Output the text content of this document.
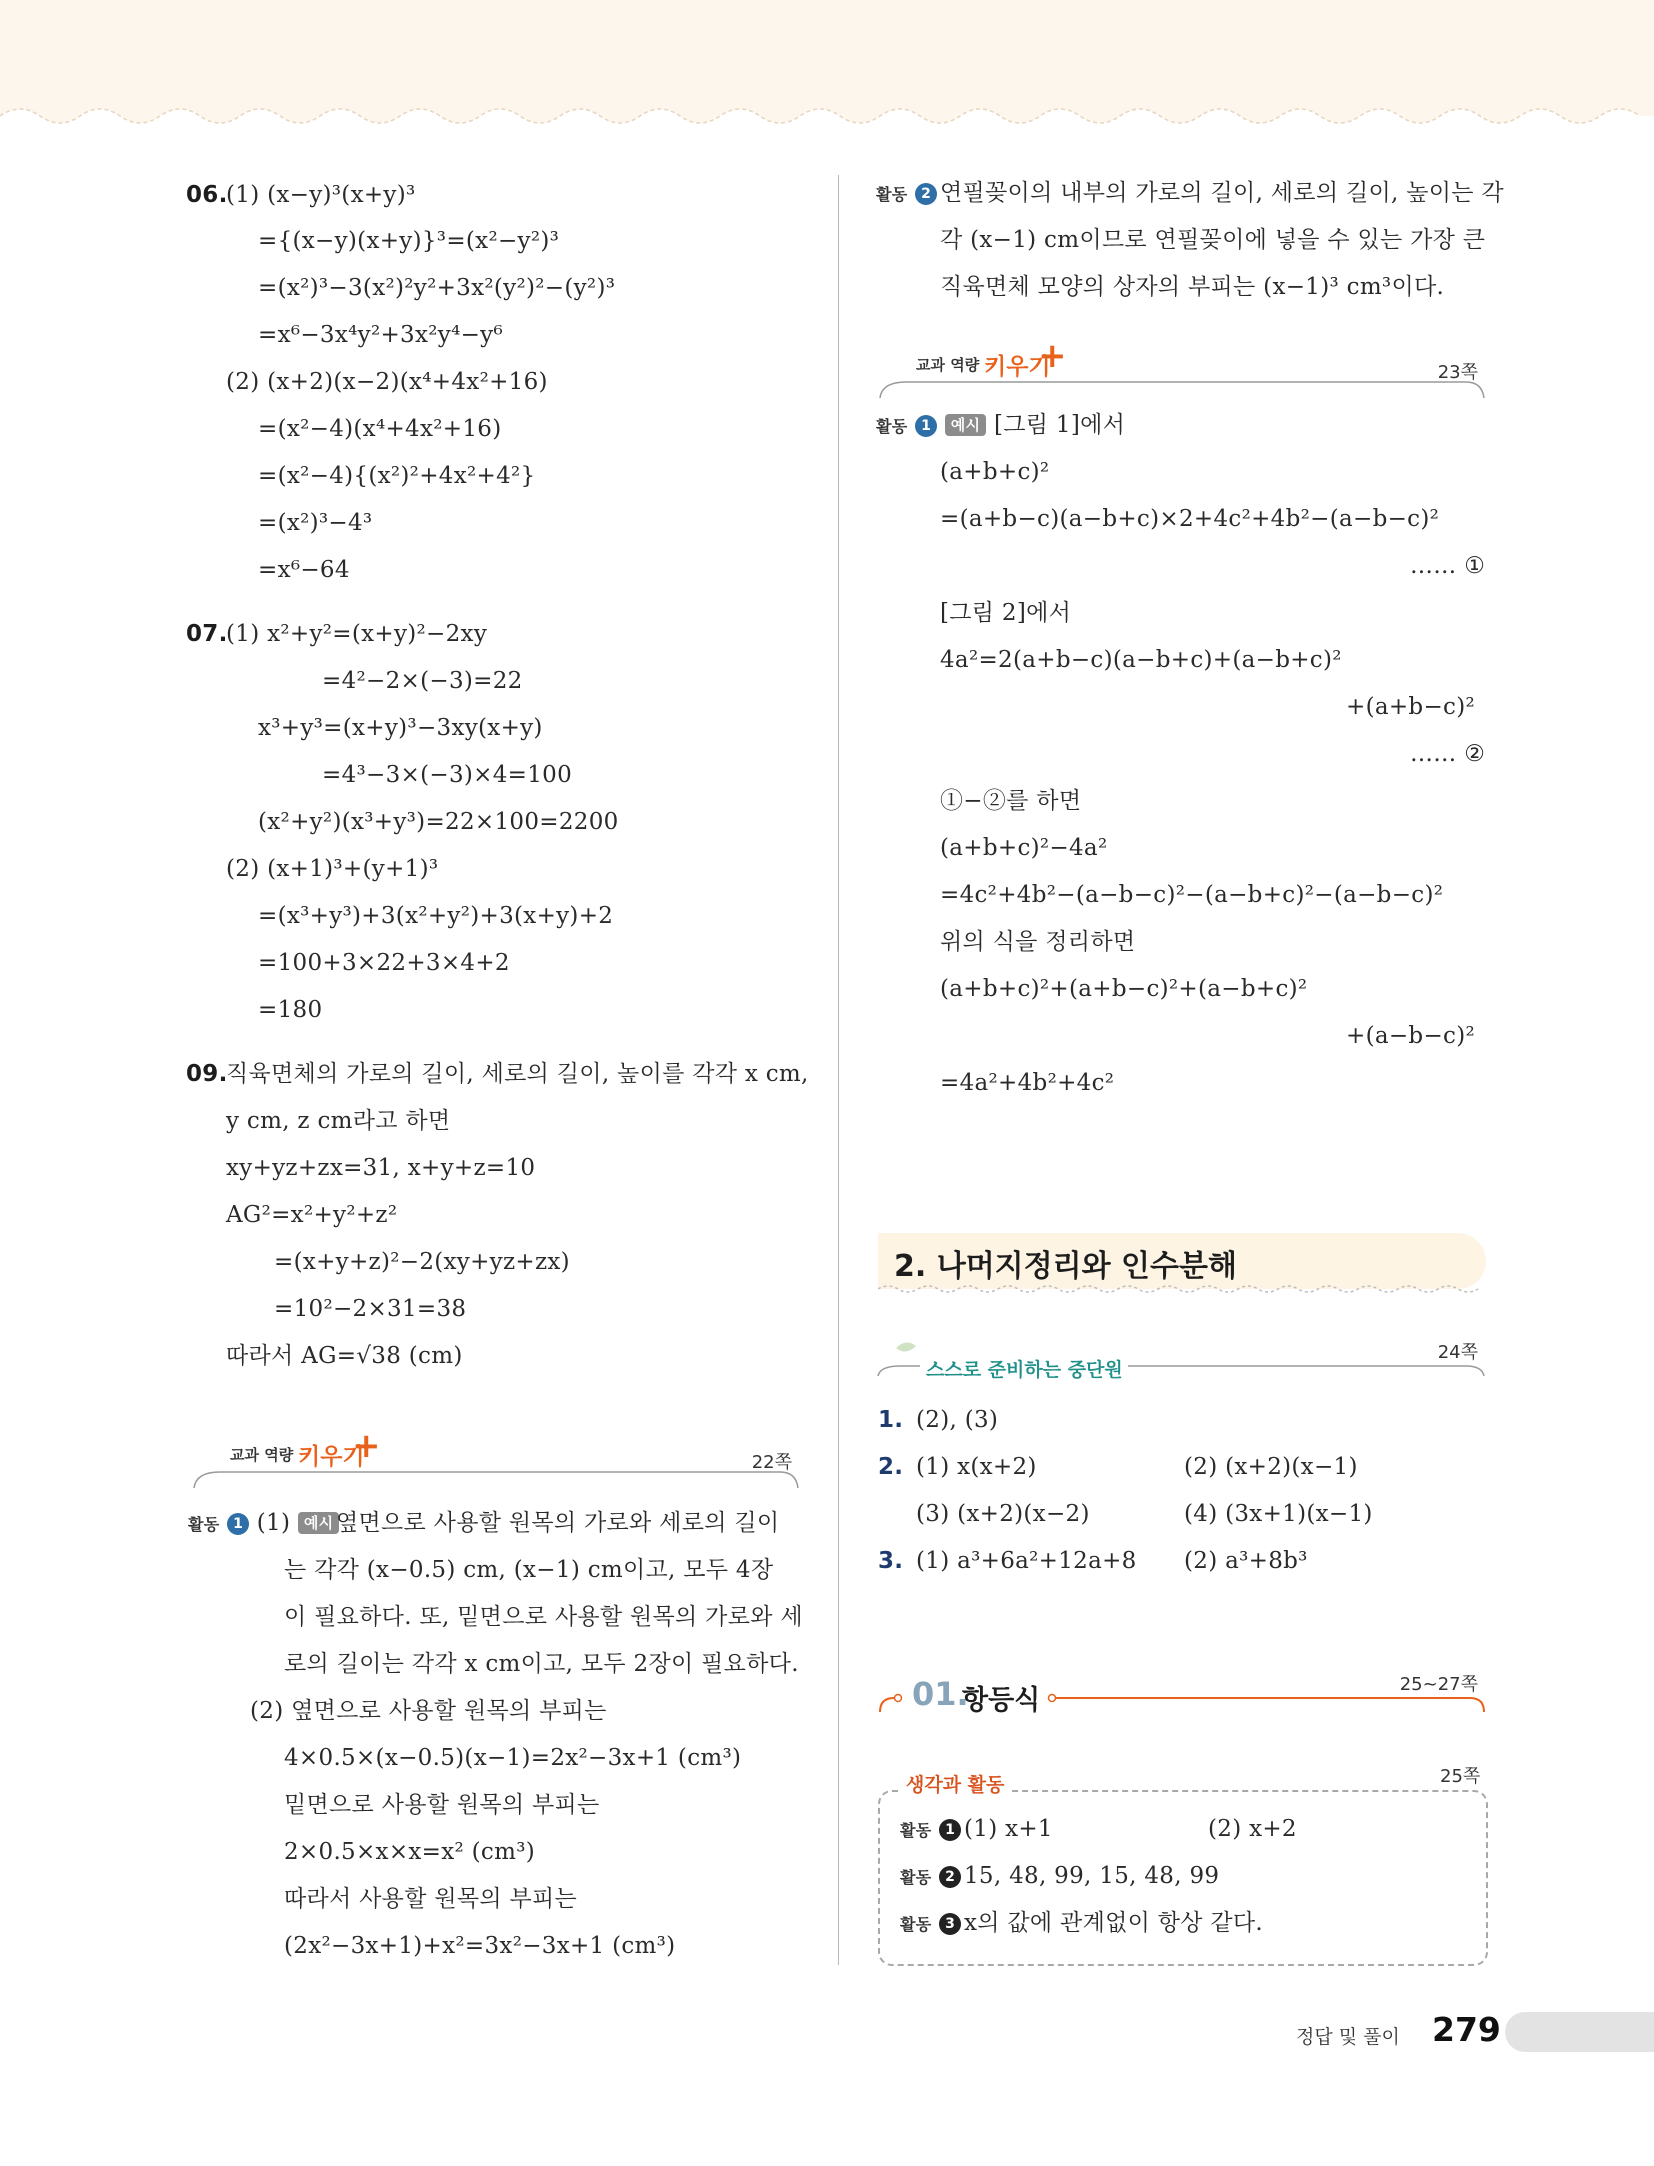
06.
(1) (x−y)³(x+y)³
={(x−y)(x+y)}³=(x²−y²)³
=(x²)³−3(x²)²y²+3x²(y²)²−(y²)³
=x⁶−3x⁴y²+3x²y⁴−y⁶
(2) (x+2)(x−2)(x⁴+4x²+16)
=(x²−4)(x⁴+4x²+16)
=(x²−4){(x²)²+4x²+4²}
=(x²)³−4³
=x⁶−64
07.
(1) x²+y²=(x+y)²−2xy
=4²−2×(−3)=22
x³+y³=(x+y)³−3xy(x+y)
=4³−3×(−3)×4=100
(x²+y²)(x³+y³)=22×100=2200
(2) (x+1)³+(y+1)³
=(x³+y³)+3(x²+y²)+3(x+y)+2
=100+3×22+3×4+2
=180
09.
직육면체의 가로의 길이, 세로의 길이, 높이를 각각 x cm,
y cm, z cm라고 하면
xy+yz+zx=31, x+y+z=10
AG²=x²+y²+z²
=(x+y+z)²−2(xy+yz+zx)
=10²−2×31=38
따라서 AG=√38 (cm)
교과 역량 키우기
+	22쪽
활동 1 (1) 예시 옆면으로 사용할 원목의 가로와 세로의 길이
는 각각 (x−0.5) cm, (x−1) cm이고, 모두 4장
이 필요하다. 또, 밑면으로 사용할 원목의 가로와 세
로의 길이는 각각 x cm이고, 모두 2장이 필요하다.
(2) 옆면으로 사용할 원목의 부피는
4×0.5×(x−0.5)(x−1)=2x²−3x+1 (cm³)
밑면으로 사용할 원목의 부피는
2×0.5×x×x=x² (cm³)
따라서 사용할 원목의 부피는
(2x²−3x+1)+x²=3x²−3x+1 (cm³)
활동 2 연필꽂이의 내부의 가로의 길이, 세로의 길이, 높이는 각
각 (x−1) cm이므로 연필꽂이에 넣을 수 있는 가장 큰
직육면체 모양의 상자의 부피는 (x−1)³ cm³이다.
교과 역량 키우기
+	23쪽
활동 1 예시 [그림 1]에서
(a+b+c)²
=(a+b−c)(a−b+c)×2+4c²+4b²−(a−b−c)²
…… ①
[그림 2]에서
4a²=2(a+b−c)(a−b+c)+(a−b+c)²
+(a+b−c)²
…… ②
①−②를 하면
(a+b+c)²−4a²
=4c²+4b²−(a−b−c)²−(a−b+c)²−(a−b−c)²
위의 식을 정리하면
(a+b+c)²+(a+b−c)²+(a−b+c)²
+(a−b−c)²
=4a²+4b²+4c²
2. 나머지정리와 인수분해
24쪽
스스로 준비하는 중단원
1. (2), (3)
2. (1) x(x+2)	(2) (x+2)(x−1)
(3) (x+2)(x−2)	(4) (3x+1)(x−1)
3. (1) a³+6a²+12a+8 (2) a³+8b³
25~27쪽
01.
항등식
생각과 활동	25쪽
활동 1 (1) x+1	(2) x+2
활동 2 15, 48, 99, 15, 48, 99
활동 3 x의 값에 관계없이 항상 같다.
정답 및 풀이 279
